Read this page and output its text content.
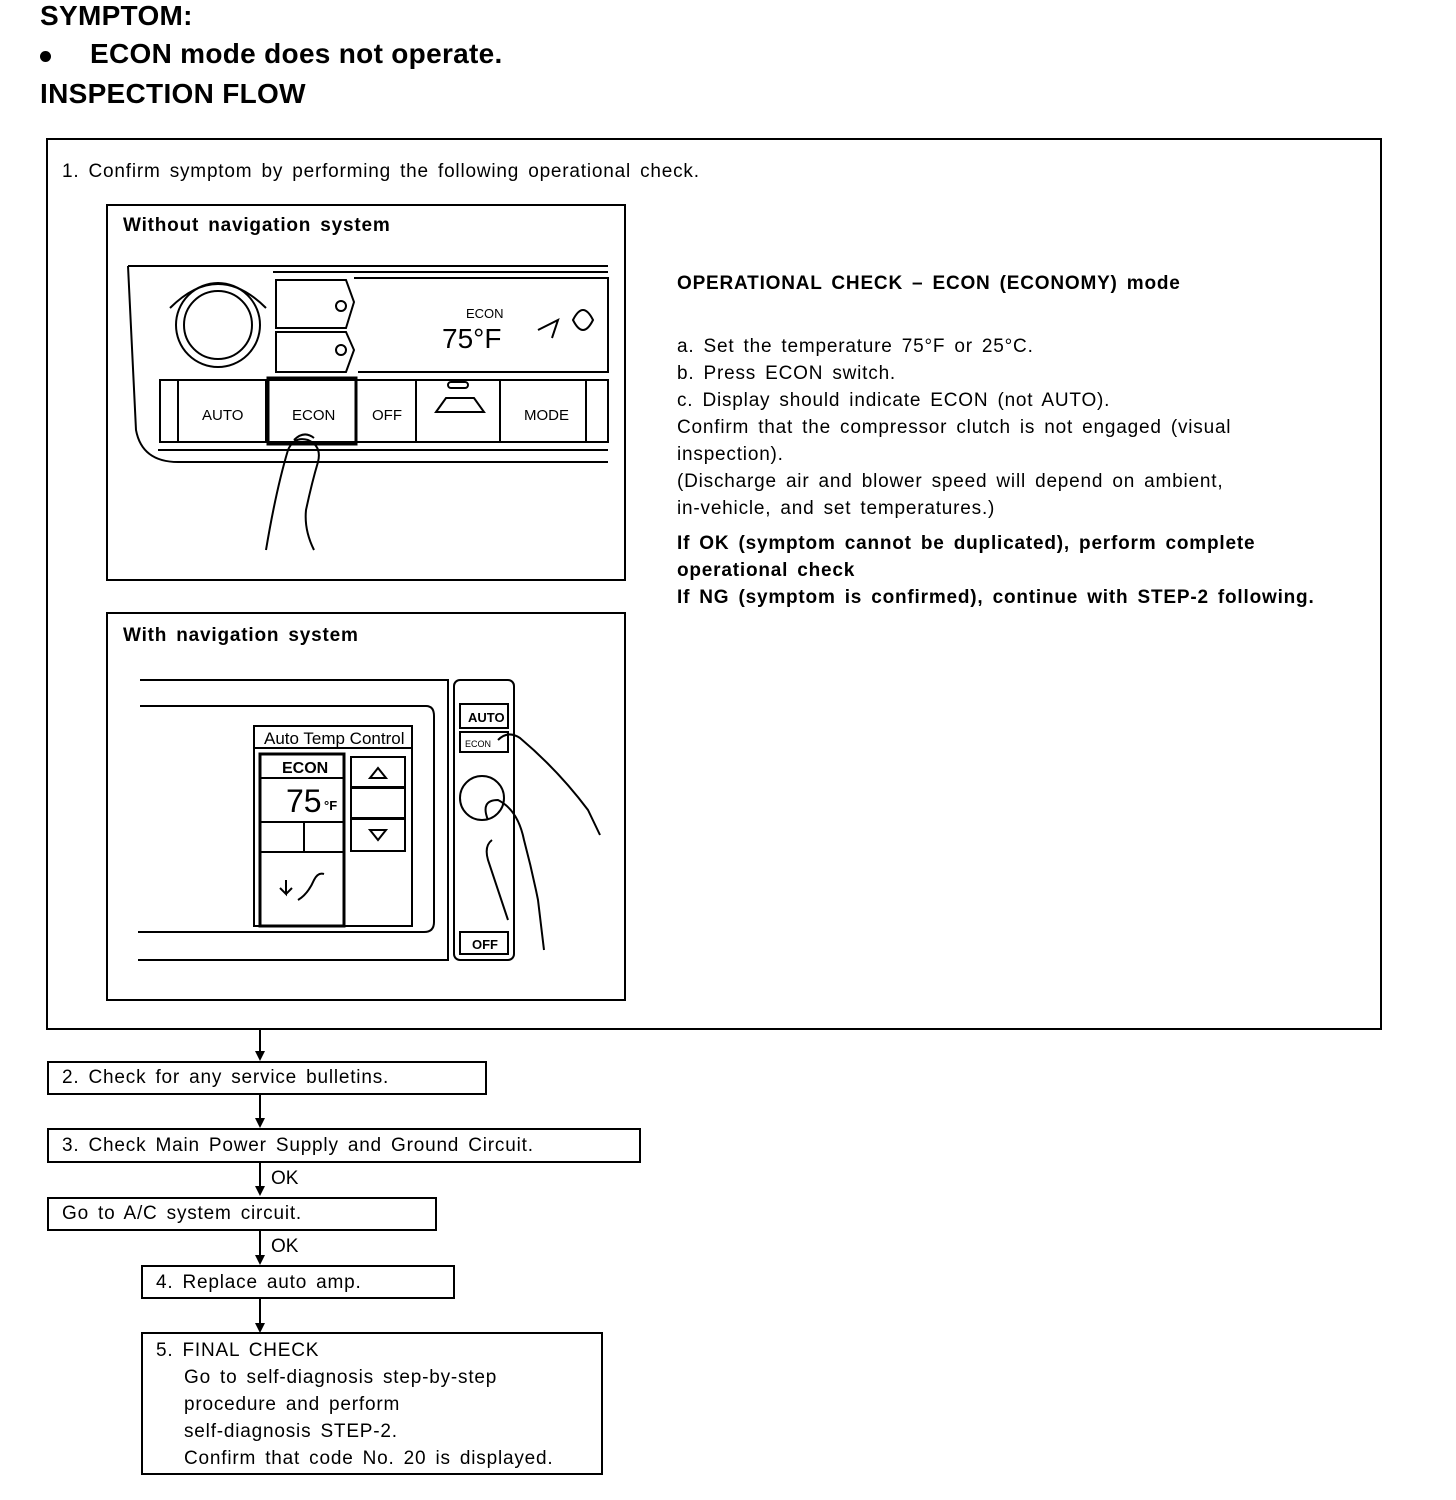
SYMPTOM:
ECON mode does not operate.
INSPECTION FLOW
1. Confirm symptom by performing the following operational check.
Without navigation system
ECON
75°F
AUTO	ECON OFF	MODE
With navigation system
Auto Temp Control
ECON
75 °F
AUTO
ECON
OFF
OPERATIONAL CHECK – ECON (ECONOMY) mode
a. Set the temperature 75°F or 25°C.
b. Press ECON switch.
c. Display should indicate ECON (not AUTO).
Confirm that the compressor clutch is not engaged (visual
inspection).
(Discharge air and blower speed will depend on ambient,
in-vehicle, and set temperatures.)
If OK (symptom cannot be duplicated), perform complete
operational check
If NG (symptom is confirmed), continue with STEP-2 following.
2. Check for any service bulletins.
3. Check Main Power Supply and Ground Circuit.
OK
Go to A/C system circuit.
OK
4. Replace auto amp.
5. FINAL CHECK
Go to self-diagnosis step-by-step
procedure and perform
self-diagnosis STEP-2.
Confirm that code No. 20 is displayed.
